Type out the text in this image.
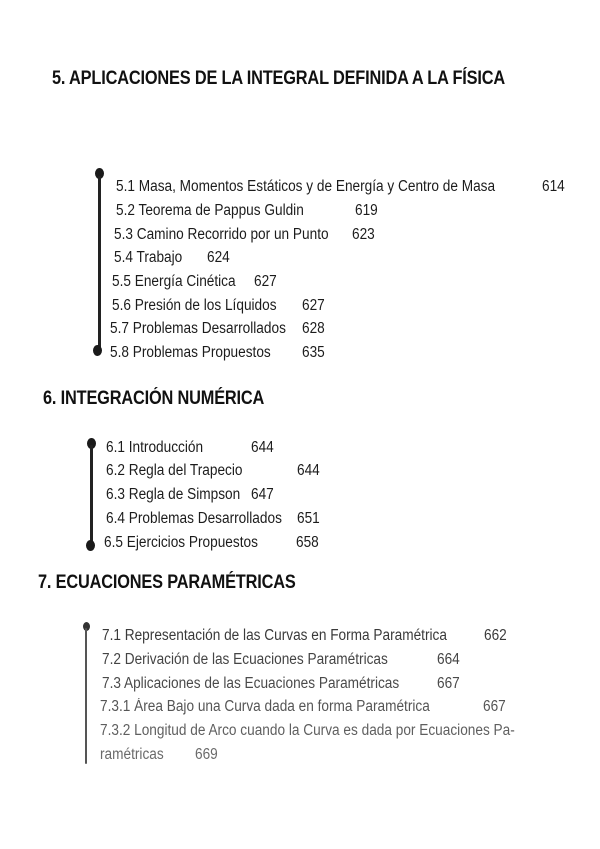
5. APLICACIONES DE LA INTEGRAL DEFINIDA A LA FÍSICA
5.1 Masa, Momentos Estáticos y de Energía y Centro de Masa	614
5.2 Teorema de Pappus Guldin	619
5.3 Camino Recorrido por un Punto 623
5.4 Trabajo 624
5.5 Energía Cinética 627
5.6 Presión de los Líquidos 627
5.7 Problemas Desarrollados 628
5.8 Problemas Propuestos 635
6. INTEGRACIÓN NUMÉRICA
6.1 Introducción	644
6.2 Regla del Trapecio	644
6.3 Regla de Simpson 647
6.4 Problemas Desarrollados 651
6.5 Ejercicios Propuestos 658
7. ECUACIONES PARAMÉTRICAS
7.1 Representación de las Curvas en Forma Paramétrica 662
7.2 Derivación de las Ecuaciones Paramétricas	664
7.3 Aplicaciones de las Ecuaciones Paramétricas 667
7.3.1 Área Bajo una Curva dada en forma Paramétrica	667
7.3.2 Longitud de Arco cuando la Curva es dada por Ecuaciones Pa-
ramétricas 669
